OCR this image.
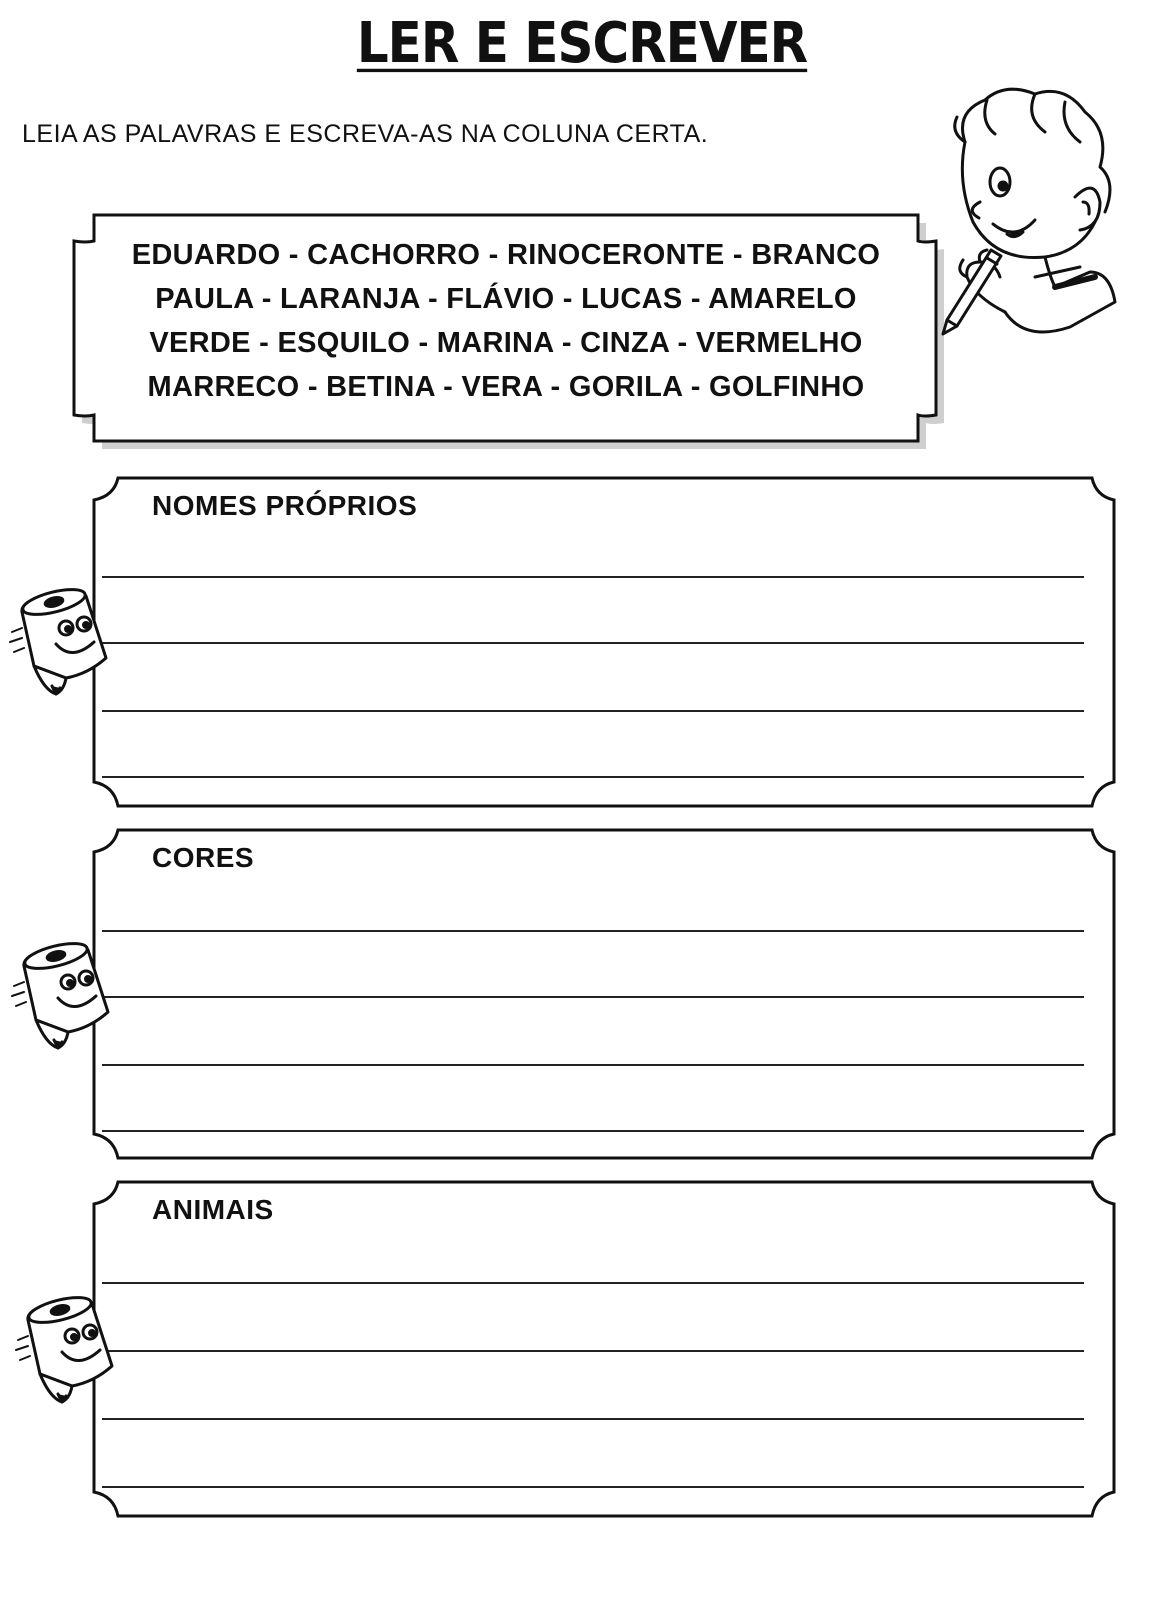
LER E ESCREVER

LEIA AS PALAVRAS E ESCREVA-AS NA COLUNA CERTA.

EDUARDO - CACHORRO - RINOCERONTE - BRANCO
PAULA - LARANJA - FLÁVIO - LUCAS - AMARELO
VERDE - ESQUILO - MARINA - CINZA - VERMELHO
MARRECO - BETINA - VERA - GORILA - GOLFINHO
NOMES PRÓPRIOS
CORES
ANIMAIS
